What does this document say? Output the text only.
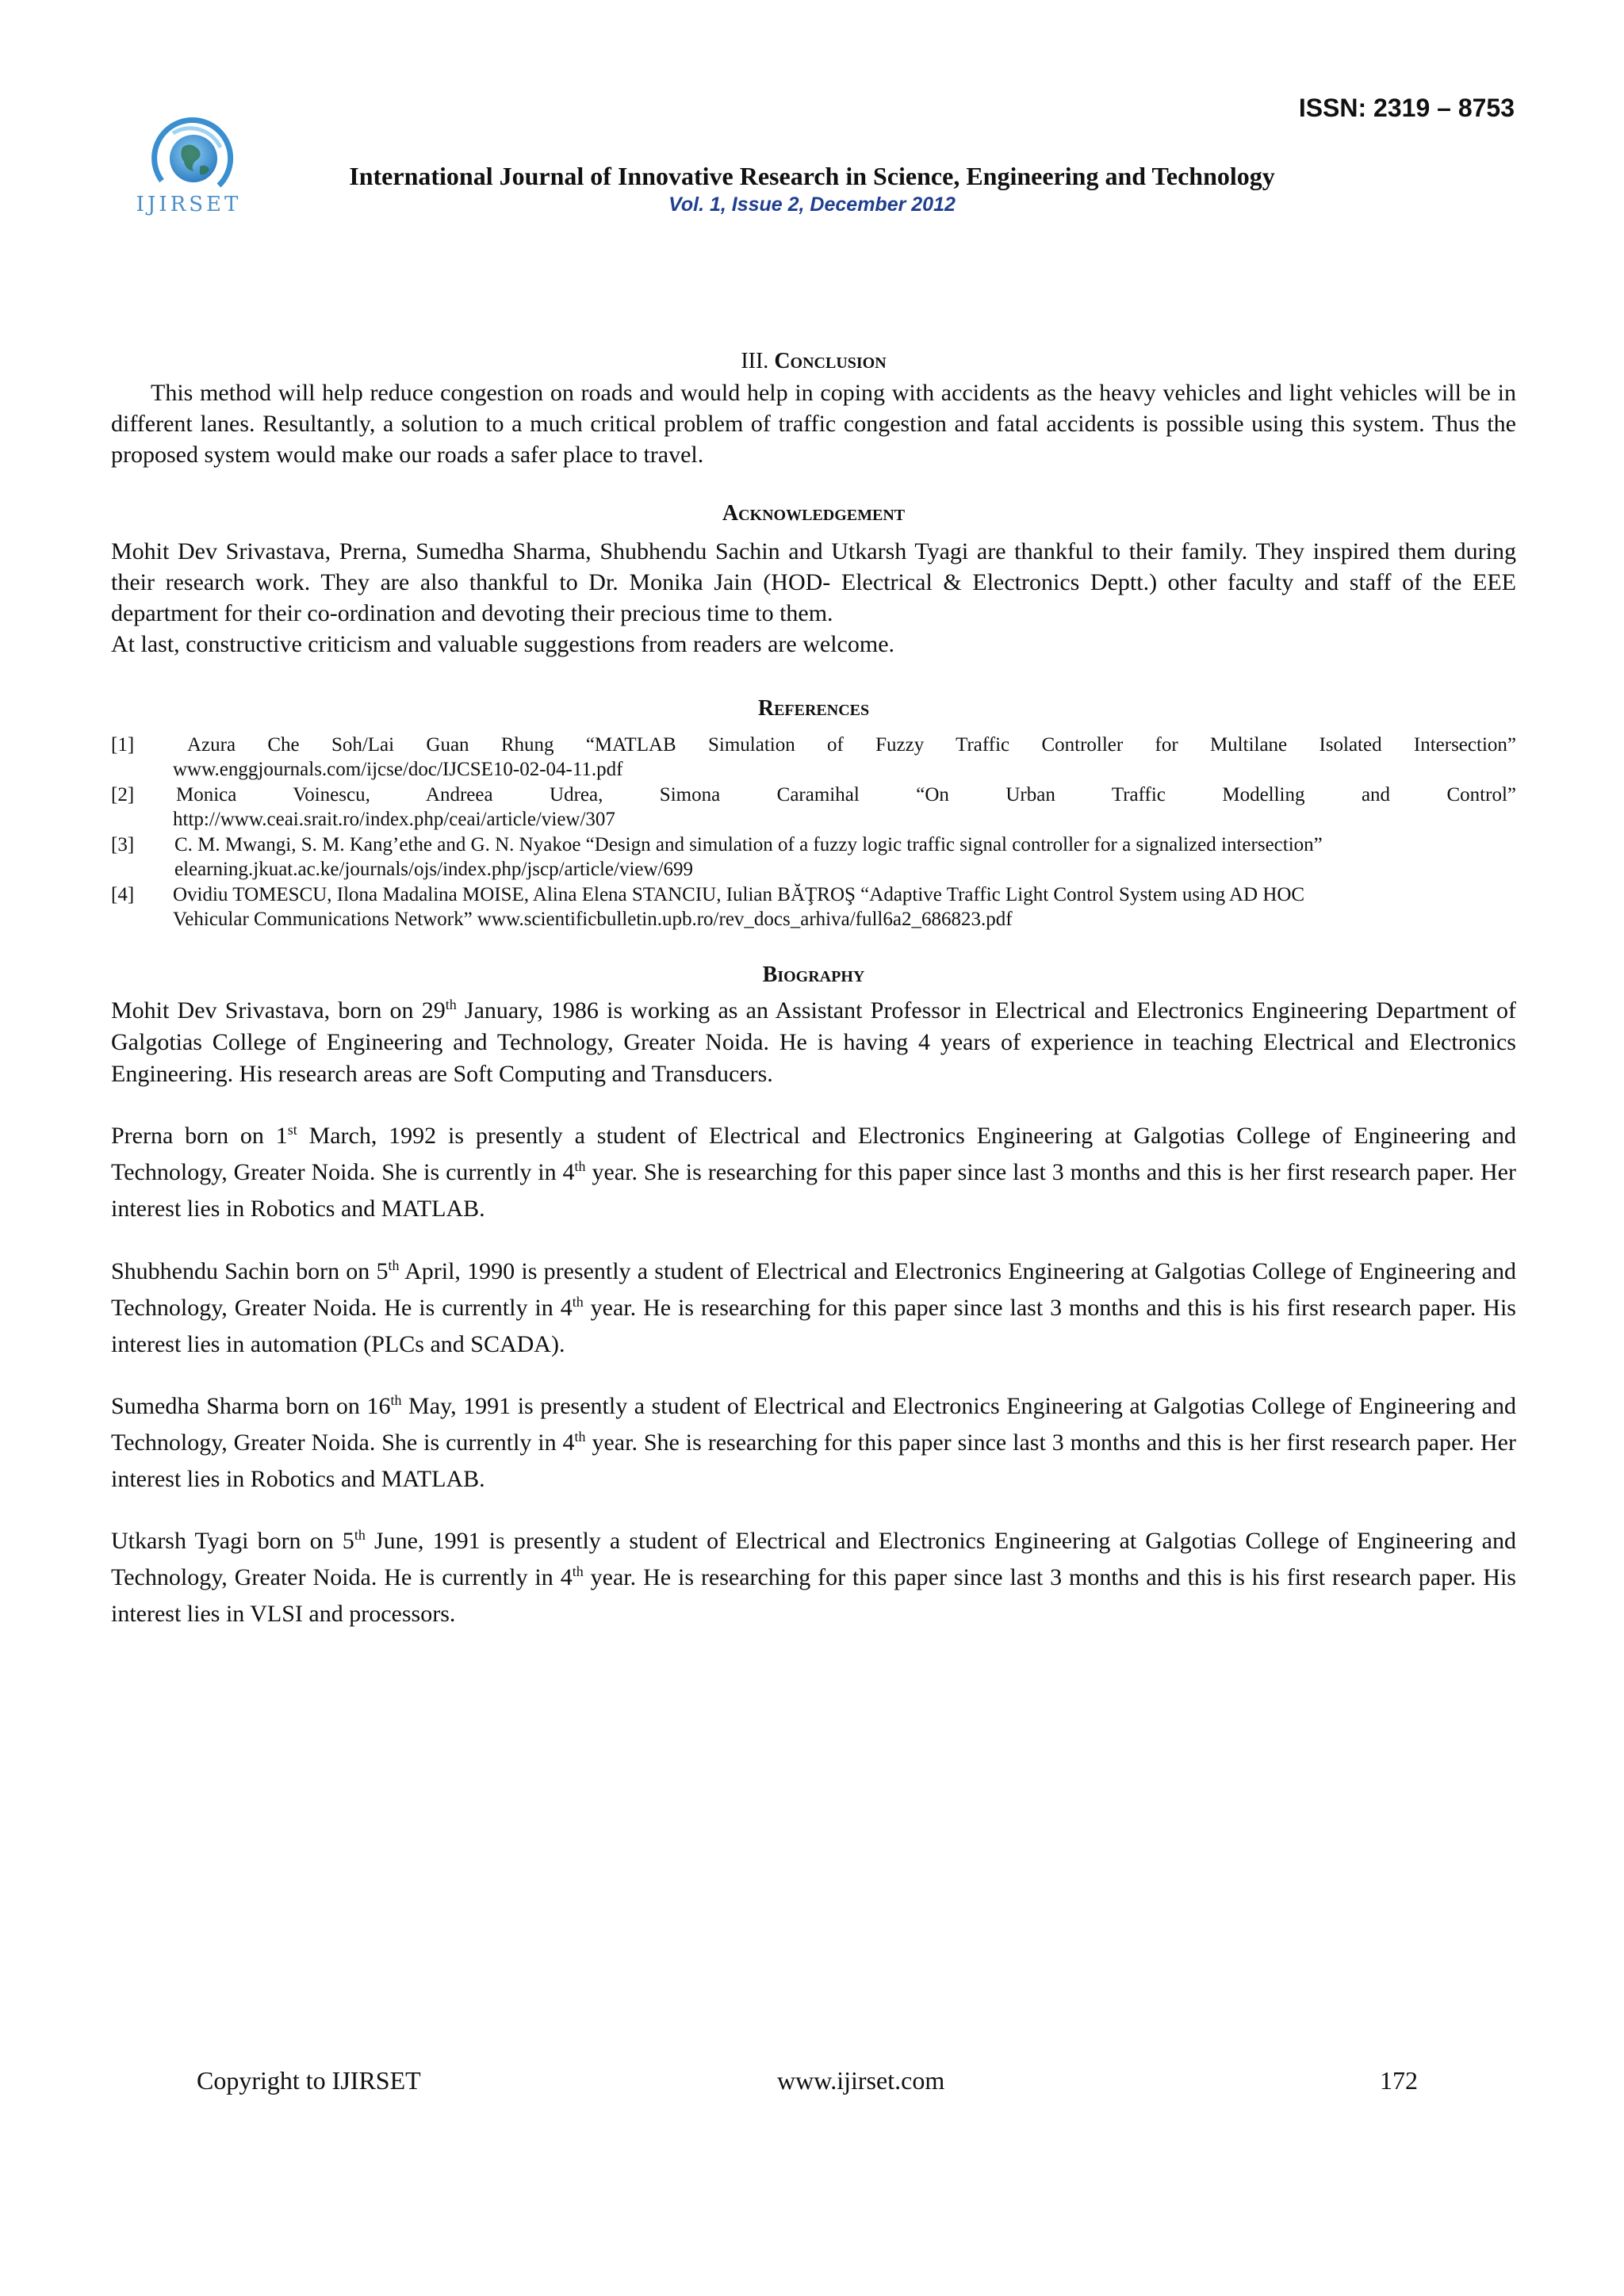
ISSN: 2319 – 8753
IJIRSET
International Journal of Innovative Research in Science, Engineering and Technology
Vol. 1, Issue 2, December 2012
III. Conclusion
This method will help reduce congestion on roads and would help in coping with accidents as the heavy vehicles and light vehicles will be in different lanes. Resultantly, a solution to a much critical problem of traffic congestion and fatal accidents is possible using this system. Thus the proposed system would make our roads a safer place to travel.
Acknowledgement

Mohit Dev Srivastava, Prerna, Sumedha Sharma, Shubhendu Sachin and Utkarsh Tyagi are thankful to their family. They inspired them during their research work. They are also thankful to Dr. Monika Jain (HOD- Electrical & Electronics Deptt.) other faculty and staff of the EEE department for their co-ordination and devoting their precious time to them.

At last, constructive criticism and valuable suggestions from readers are welcome.

References
[1]	Azura Che Soh/Lai Guan Rhung “MATLAB Simulation of Fuzzy Traffic Controller for Multilane Isolated Intersection”
www.enggjournals.com/ijcse/doc/IJCSE10-02-04-11.pdf
[2] Monica Voinescu, Andreea Udrea, Simona Caramihal “On Urban Traffic Modelling and Control”
http://www.ceai.srait.ro/index.php/ceai/article/view/307
[3] C. M. Mwangi, S. M. Kang’ethe and G. N. Nyakoe “Design and simulation of a fuzzy logic traffic signal controller for a signalized intersection”
elearning.jkuat.ac.ke/journals/ojs/index.php/jscp/article/view/699
[4] Ovidiu TOMESCU, Ilona Madalina MOISE, Alina Elena STANCIU, Iulian BĂŢROŞ “Adaptive Traffic Light Control System using AD HOC
Vehicular Communications Network” www.scientificbulletin.upb.ro/rev_docs_arhiva/full6a2_686823.pdf
Biography
Mohit Dev Srivastava, born on 29th January, 1986 is working as an Assistant Professor in Electrical and Electronics Engineering Department of Galgotias College of Engineering and Technology, Greater Noida. He is having 4 years of experience in teaching Electrical and Electronics Engineering. His research areas are Soft Computing and Transducers.
Prerna born on 1st March, 1992 is presently a student of Electrical and Electronics Engineering at Galgotias College of Engineering and Technology, Greater Noida. She is currently in 4th year. She is researching for this paper since last 3 months and this is her first research paper. Her interest lies in Robotics and MATLAB.
Shubhendu Sachin born on 5th April, 1990 is presently a student of Electrical and Electronics Engineering at Galgotias College of Engineering and Technology, Greater Noida. He is currently in 4th year. He is researching for this paper since last 3 months and this is his first research paper. His interest lies in automation (PLCs and SCADA).
Sumedha Sharma born on 16th May, 1991 is presently a student of Electrical and Electronics Engineering at Galgotias College of Engineering and Technology, Greater Noida. She is currently in 4th year. She is researching for this paper since last 3 months and this is her first research paper. Her interest lies in Robotics and MATLAB.
Utkarsh Tyagi born on 5th June, 1991 is presently a student of Electrical and Electronics Engineering at Galgotias College of Engineering and Technology, Greater Noida. He is currently in 4th year. He is researching for this paper since last 3 months and this is his first research paper. His interest lies in VLSI and processors.
Copyright to IJIRSET	www.ijirset.com	172
